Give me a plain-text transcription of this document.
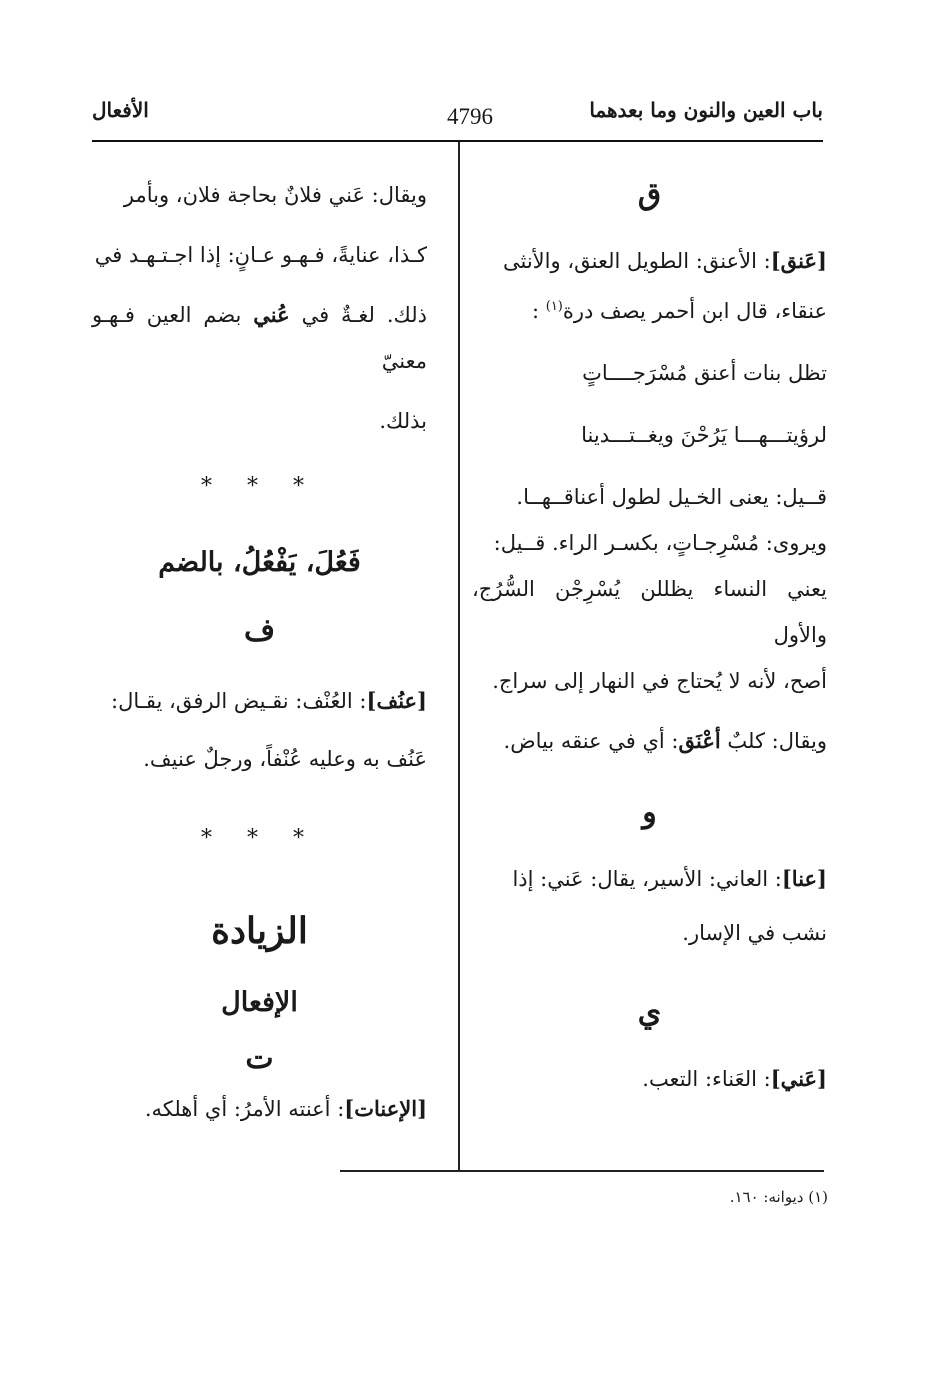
باب العين والنون وما بعدهما
4796
الأفعال
ق

[عَنق]: الأعنق: الطويل العنق، والأنثى

عنقاء، قال ابن أحمر يصف درة$^{(١)}$ :

تظل بنات أعنق مُسْرَجــــاتٍ

لرؤيتـــهـــا يَرُحْنَ ويغــتـــدينا

قــيل: يعنى الخـيل لطول أعناقــهــا.

ويروى: مُسْرِجـاتٍ، بكسـر الراء. قــيل:

يعني النساء يظللن يُسْرِجْن السُّرُج، والأول

أصح، لأنه لا يُحتاج في النهار إلى سراج.

ويقال: كلبٌ أعْنَق: أي في عنقه بياض.

و

[عنا]: العاني: الأسير، يقال: عَني: إذا

نشب في الإسار.

ي

[عَني]: العَناء: التعب.

ويقال: عَني فلانٌ بحاجة فلان، وبأمر

كـذا، عنايةً، فـهـو عـانٍ: إذا اجـتـهـد في

ذلك. لغـةٌ في عُني بضم العين فـهـو معنيّ

بذلك.

* * *
فَعُلَ، يَفْعُلُ، بالضم
ف

[عنُف]: العُنْف: نقـيض الرفق، يقـال:

عَنُف به وعليه عُنْفاً، ورجلٌ عنيف.

* * *
الزيادة
الإفعال
ت

[الإعنات]: أعنته الأمرُ: أي أهلكه.

(١) ديوانه: ١٦٠.
